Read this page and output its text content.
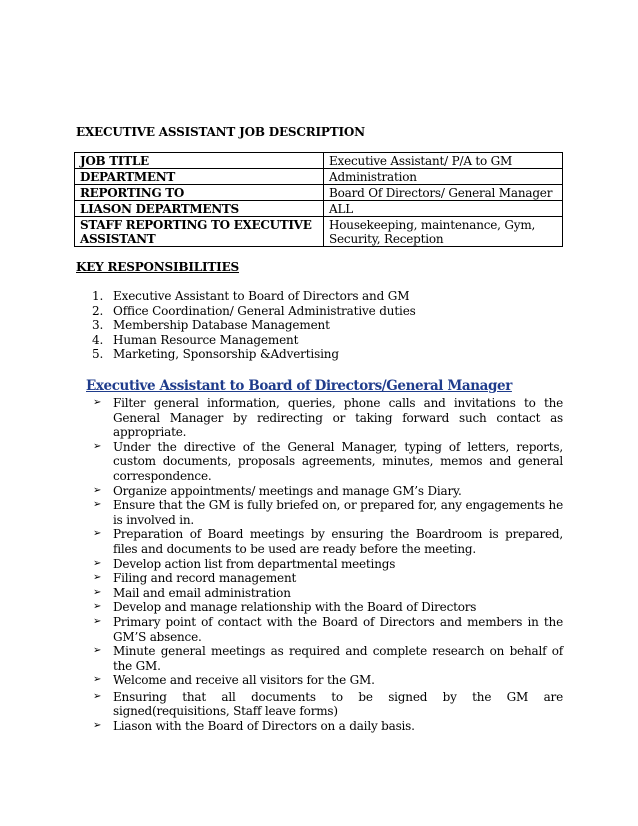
EXECUTIVE ASSISTANT JOB DESCRIPTION
JOB TITLE	Executive Assistant/ P/A to GM
DEPARTMENT	Administration
REPORTING TO	Board Of Directors/ General Manager
LIASON DEPARTMENTS	ALL
STAFF REPORTING TO EXECUTIVE ASSISTANT	Housekeeping, maintenance, Gym, Security, Reception
KEY RESPONSIBILITIES
1. Executive Assistant to Board of Directors and GM
2. Office Coordination/ General Administrative duties
3. Membership Database Management
4. Human Resource Management
5. Marketing, Sponsorship &Advertising
Executive Assistant to Board of Directors/General Manager
➢ Filter general information, queries, phone calls and invitations to the General Manager by redirecting or taking forward such contact as appropriate.
➢ Under the directive of the General Manager, typing of letters, reports, custom documents, proposals agreements, minutes, memos and general correspondence.
➢ Organize appointments/ meetings and manage GM’s Diary.
➢ Ensure that the GM is fully briefed on, or prepared for, any engagements he is involved in.
➢ Preparation of Board meetings by ensuring the Boardroom is prepared, files and documents to be used are ready before the meeting.
➢ Develop action list from departmental meetings
➢ Filing and record management
➢ Mail and email administration
➢ Develop and manage relationship with the Board of Directors
➢ Primary point of contact with the Board of Directors and members in the GM’S absence.
➢ Minute general meetings as required and complete research on behalf of the GM.
➢ Welcome and receive all visitors for the GM.
➢ Ensuring that all documents to be signed by the GM are signed(requisitions, Staff leave forms)
➢ Liason with the Board of Directors on a daily basis.
